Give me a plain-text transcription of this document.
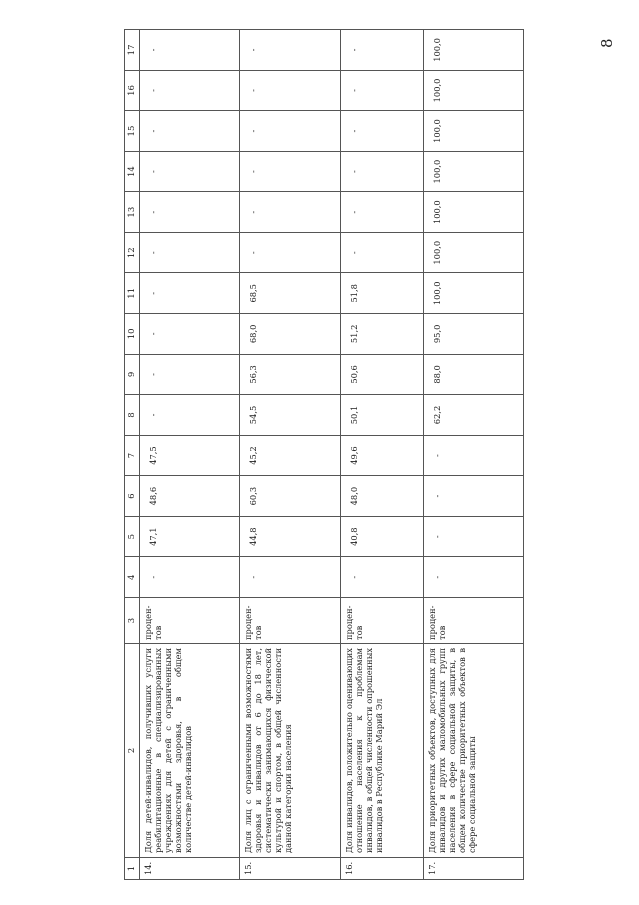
8
1	2	3	4	5	6	7	8	9	10	11	12	13	14	15	16	17
14.	Доля детей-инвалидов, получивших услуги реабилитационные в специализированных учреждениях для детей с ограниченными возможностями здоровья, в общем количестве детей-инвалидов	процен-тов	-	47,1	48,6	47,5	-	-	-	-	-	-	-	-	-	-
15.	Доля лиц с ограниченными возможностями здоровья и инвалидов от 6 до 18 лет, систематически занимающихся физической культурой и спортом, в общей численности данной категории населения	процен-тов	-	44,8	60,3	45,2	54,5	56,3	68,0	68,5	-	-	-	-	-	-
16.	Доля инвалидов, положительно оценивающих отношение населения к проблемам инвалидов, в общей численности опрошенных инвалидов в Республике Марий Эл	процен-тов	-	40,8	48,0	49,6	50,1	50,6	51,2	51,8	-	-	-	-	-	-
17.	Доля приоритетных объектов, доступных для инвалидов и других маломобильных групп населения в сфере социальной защиты, в общем количестве приоритетных объектов в сфере социальной защиты	процен-тов	-	-	-	-	62,2	88,0	95,0	100,0	100,0	100,0	100,0	100,0	100,0	100,0
